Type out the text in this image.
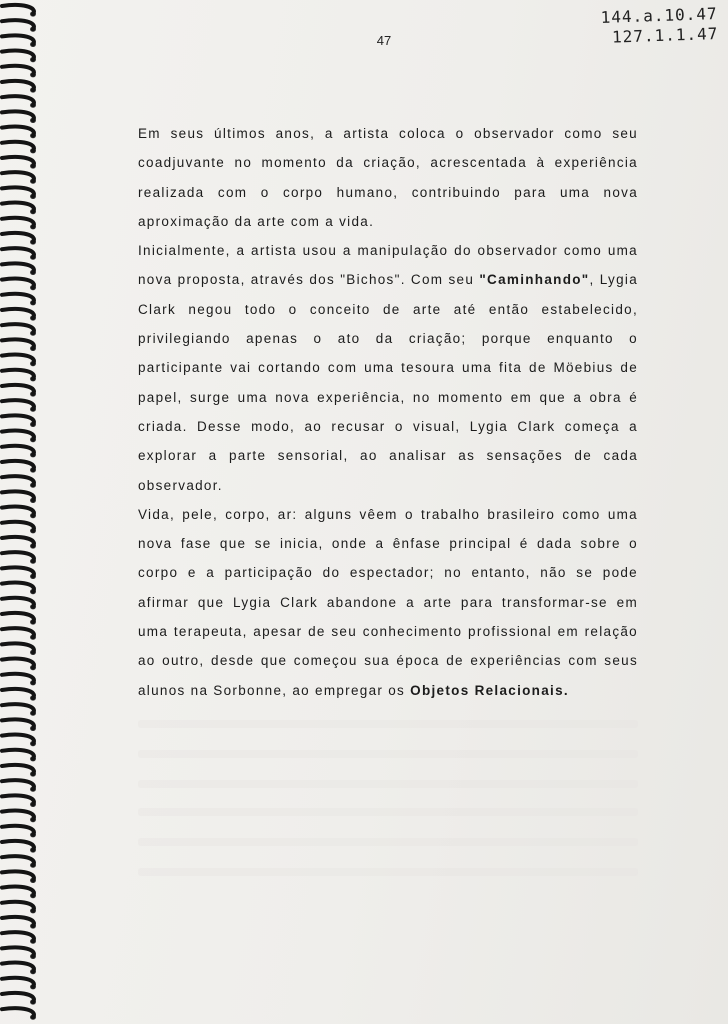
144.a.10.47
127.1.1.47
47

Em seus últimos anos, a artista coloca o observador como seu coadjuvante no momento da criação, acrescentada à experiência realizada com o corpo humano, contribuindo para uma nova aproximação da arte com a vida.

Inicialmente, a artista usou a manipulação do observador como uma nova proposta, através dos "Bichos". Com seu "Caminhando", Lygia Clark negou todo o conceito de arte até então estabelecido, privilegiando apenas o ato da criação; porque enquanto o participante vai cortando com uma tesoura uma fita de Möebius de papel, surge uma nova experiência, no momento em que a obra é criada. Desse modo, ao recusar o visual, Lygia Clark começa a explorar a parte sensorial, ao analisar as sensações de cada observador.

Vida, pele, corpo, ar: alguns vêem o trabalho brasileiro como uma nova fase que se inicia, onde a ênfase principal é dada sobre o corpo e a participação do espectador; no entanto, não se pode afirmar que Lygia Clark abandone a arte para transformar-se em uma terapeuta, apesar de seu conhecimento profissional em relação ao outro, desde que começou sua época de experiências com seus alunos na Sorbonne, ao empregar os Objetos Relacionais.
